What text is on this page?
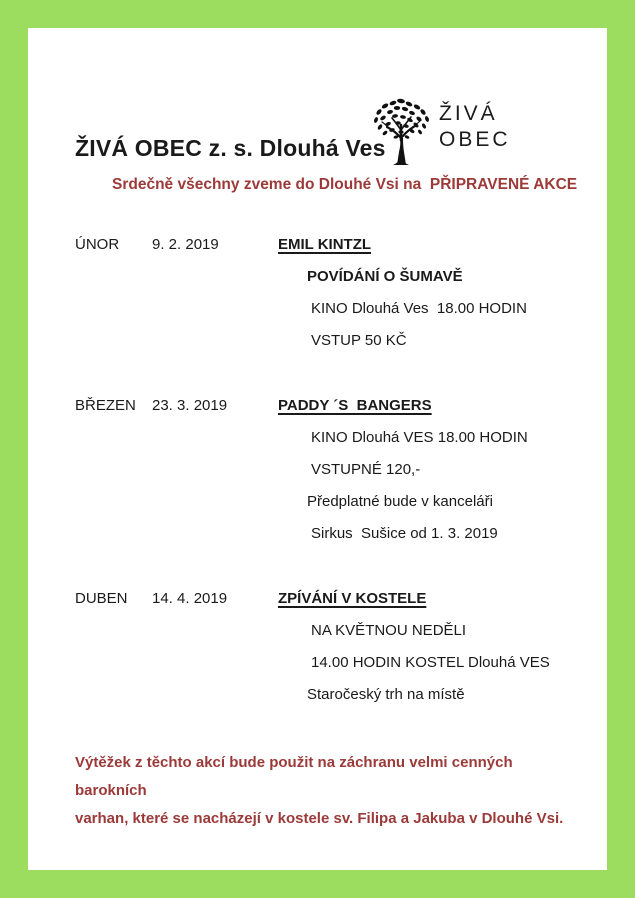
ŽIVÁ OBEC z. s. Dlouhá Ves
ŽIVÁ
OBEC
Srdečně všechny zveme do Dlouhé Vsi na  PŘIPRAVENÉ AKCE
ÚNOR	9. 2. 2019	EMIL KINTZL
POVÍDÁNÍ O ŠUMAVĚ
KINO Dlouhá Ves  18.00 HODIN
VSTUP 50 KČ
BŘEZEN	23. 3. 2019	PADDY ´S  BANGERS
KINO Dlouhá VES 18.00 HODIN
VSTUPNÉ 120,-
Předplatné bude v kanceláři
Sirkus  Sušice od 1. 3. 2019
DUBEN	14. 4. 2019	ZPÍVÁNÍ V KOSTELE
NA KVĚTNOU NEDĚLI
14.00 HODIN KOSTEL Dlouhá VES
Staročeský trh na místě
Výtěžek z těchto akcí bude použit na záchranu velmi cenných barokních
varhan, které se nacházejí v kostele sv. Filipa a Jakuba v Dlouhé Vsi.
